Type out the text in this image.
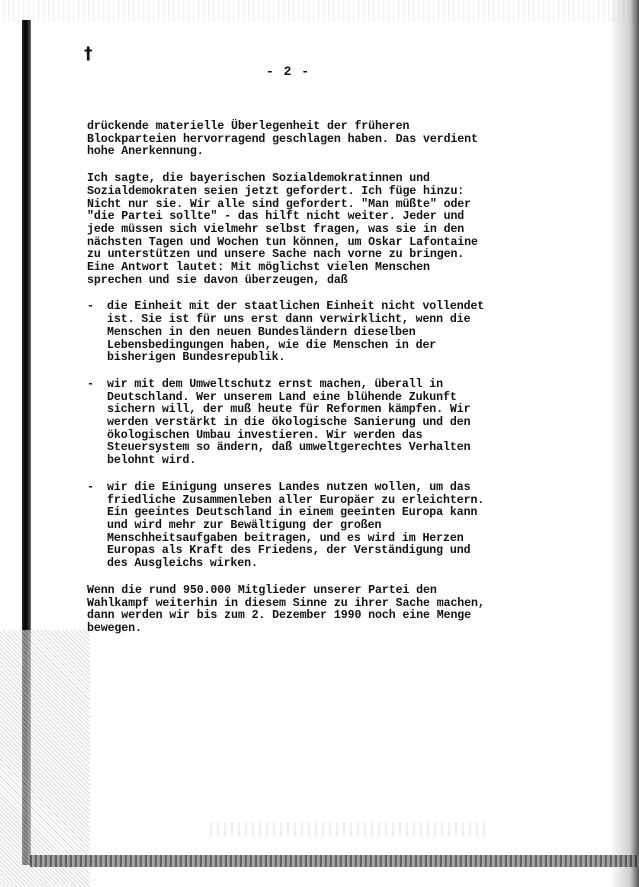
†
- 2 -

drückende materielle Überlegenheit der früheren
Blockparteien hervorragend geschlagen haben. Das verdient
hohe Anerkennung.

Ich sagte, die bayerischen Sozialdemokratinnen und
Sozialdemokraten seien jetzt gefordert. Ich füge hinzu:
Nicht nur sie. Wir alle sind gefordert. "Man müßte" oder
"die Partei sollte" - das hilft nicht weiter. Jeder und
jede müssen sich vielmehr selbst fragen, was sie in den
nächsten Tagen und Wochen tun können, um Oskar Lafontaine
zu unterstützen und unsere Sache nach vorne zu bringen.
Eine Antwort lautet: Mit möglichst vielen Menschen
sprechen und sie davon überzeugen, daß

- die Einheit mit der staatlichen Einheit nicht vollendet
ist. Sie ist für uns erst dann verwirklicht, wenn die
Menschen in den neuen Bundesländern dieselben
Lebensbedingungen haben, wie die Menschen in der
bisherigen Bundesrepublik.
- wir mit dem Umweltschutz ernst machen, überall in
Deutschland. Wer unserem Land eine blühende Zukunft
sichern will, der muß heute für Reformen kämpfen. Wir
werden verstärkt in die ökologische Sanierung und den
ökologischen Umbau investieren. Wir werden das
Steuersystem so ändern, daß umweltgerechtes Verhalten
belohnt wird.
- wir die Einigung unseres Landes nutzen wollen, um das
friedliche Zusammenleben aller Europäer zu erleichtern.
Ein geeintes Deutschland in einem geeinten Europa kann
und wird mehr zur Bewältigung der großen
Menschheitsaufgaben beitragen, und es wird im Herzen
Europas als Kraft des Friedens, der Verständigung und
des Ausgleichs wirken.

Wenn die rund 950.000 Mitglieder unserer Partei den
Wahlkampf weiterhin in diesem Sinne zu ihrer Sache machen,
dann werden wir bis zum 2. Dezember 1990 noch eine Menge
bewegen.
